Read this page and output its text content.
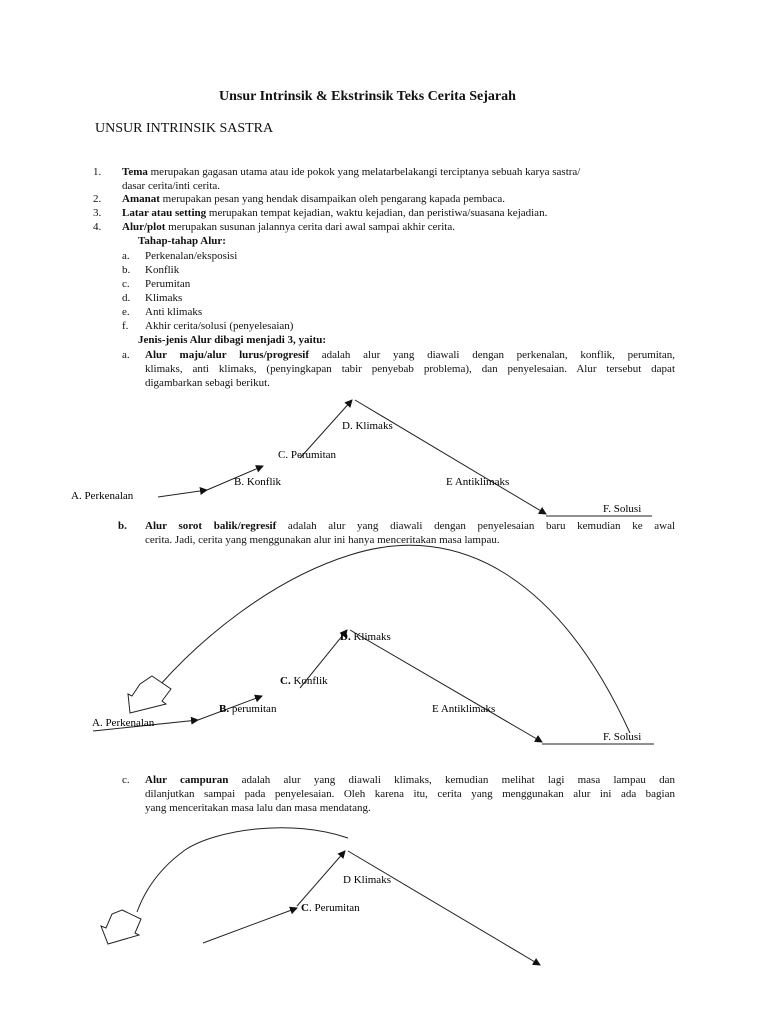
Unsur Intrinsik & Ekstrinsik Teks Cerita Sejarah
UNSUR INTRINSIK SASTRA
1. Tema merupakan gagasan utama atau ide pokok yang melatarbelakangi terciptanya sebuah karya sastra/
dasar cerita/inti cerita.
2. Amanat merupakan pesan yang hendak disampaikan oleh pengarang kapada pembaca.
3. Latar atau setting merupakan tempat kejadian, waktu kejadian, dan peristiwa/suasana kejadian.
4. Alur/plot merupakan susunan jalannya cerita dari awal sampai akhir cerita.
Tahap-tahap Alur:
a. Perkenalan/eksposisi
b. Konflik
c. Perumitan
d. Klimaks
e. Anti klimaks
f. Akhir cerita/solusi (penyelesaian)
Jenis-jenis Alur dibagi menjadi 3, yaitu:
a. Alur maju/alur lurus/progresif adalah alur yang diawali dengan perkenalan, konflik, perumitan,
klimaks, anti klimaks, (penyingkapan tabir penyebab problema), dan penyelesaian. Alur tersebut dapat
digambarkan sebagi berikut.
D. Klimaks
C. Perumitan
B. Konflik	E Antiklimaks
A. Perkenalan
F. Solusi
b. Alur sorot balik/regresif adalah alur yang diawali dengan penyelesaian baru kemudian ke awal
cerita. Jadi, cerita yang menggunakan alur ini hanya menceritakan masa lampau.
D. Klimaks
C. Konflik
B. perumitan	E Antiklimaks
A. Perkenalan
F. Solusi
c. Alur campuran adalah alur yang diawali klimaks, kemudian melihat lagi masa lampau dan
dilanjutkan sampai pada penyelesaian. Oleh karena itu, cerita yang menggunakan alur ini ada bagian
yang menceritakan masa lalu dan masa mendatang.
D Klimaks
C. Perumitan
